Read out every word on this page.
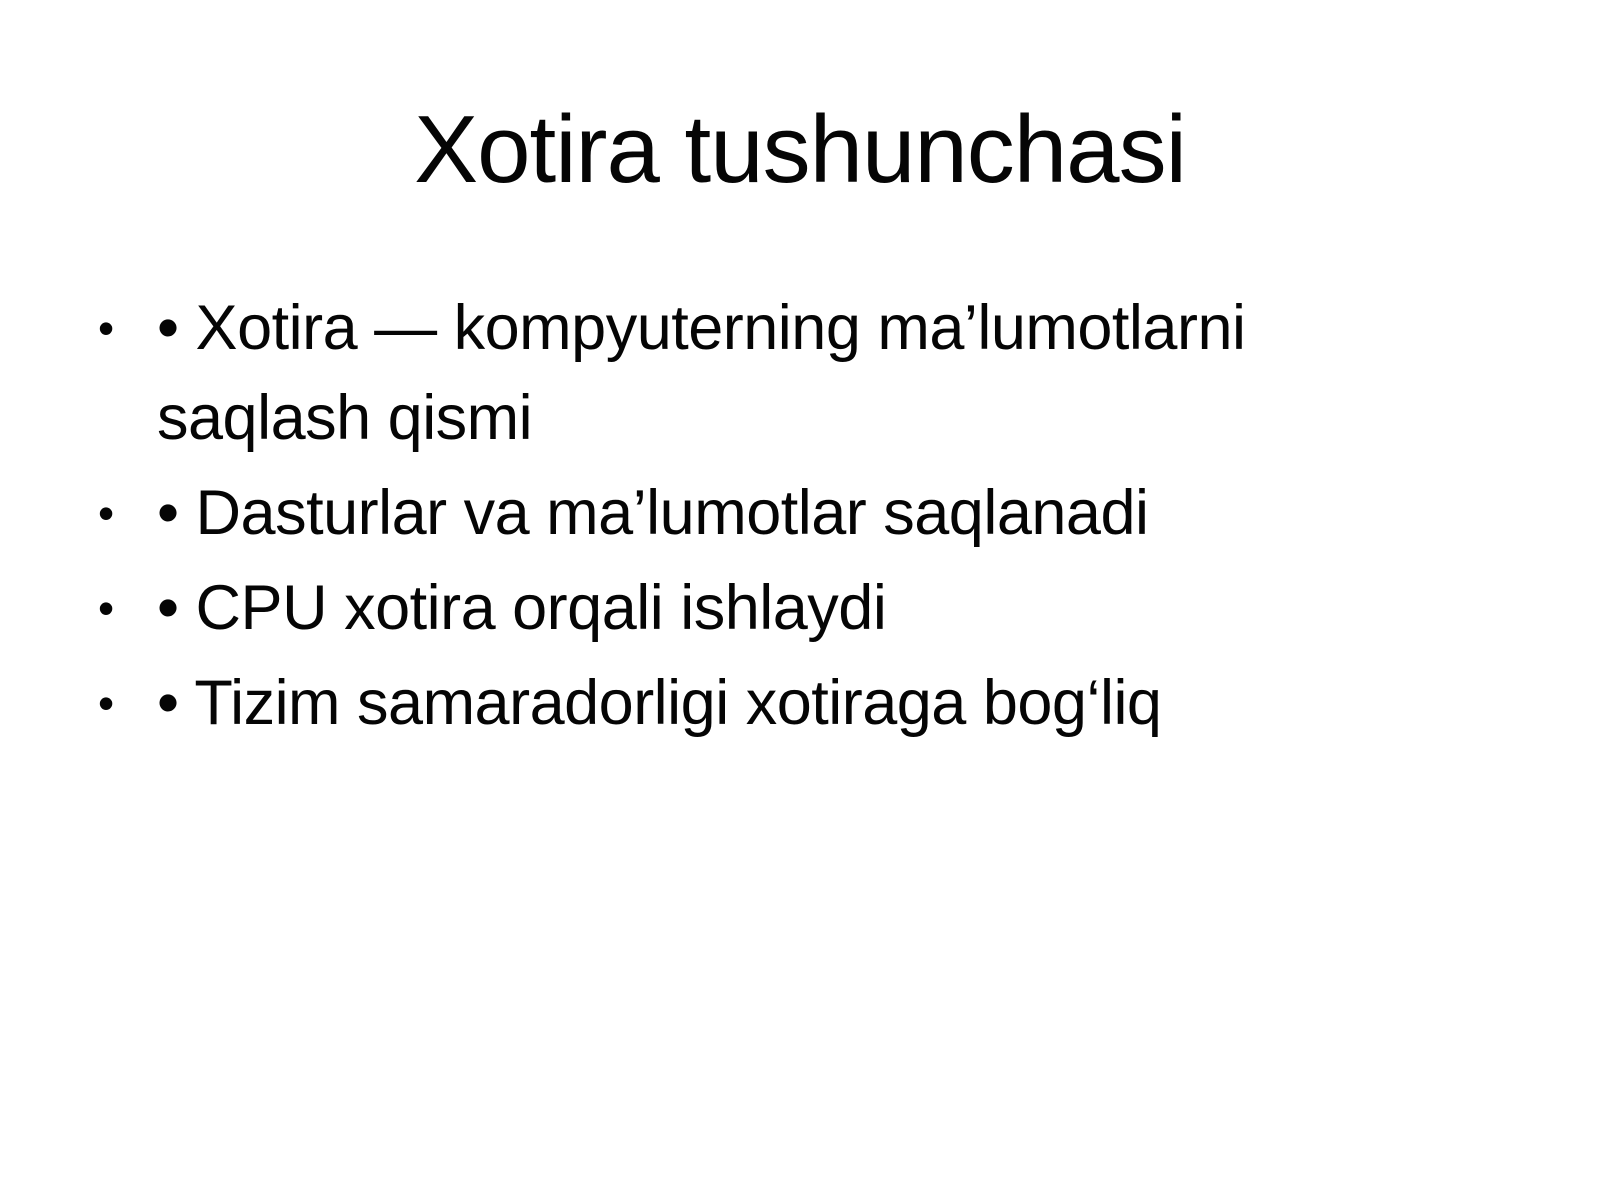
Xotira tushunchasi
• • Xotira — kompyuterning ma’lumotlarni saqlash qismi
• • Dasturlar va ma’lumotlar saqlanadi
• • CPU xotira orqali ishlaydi
• • Tizim samaradorligi xotiraga bog‘liq
